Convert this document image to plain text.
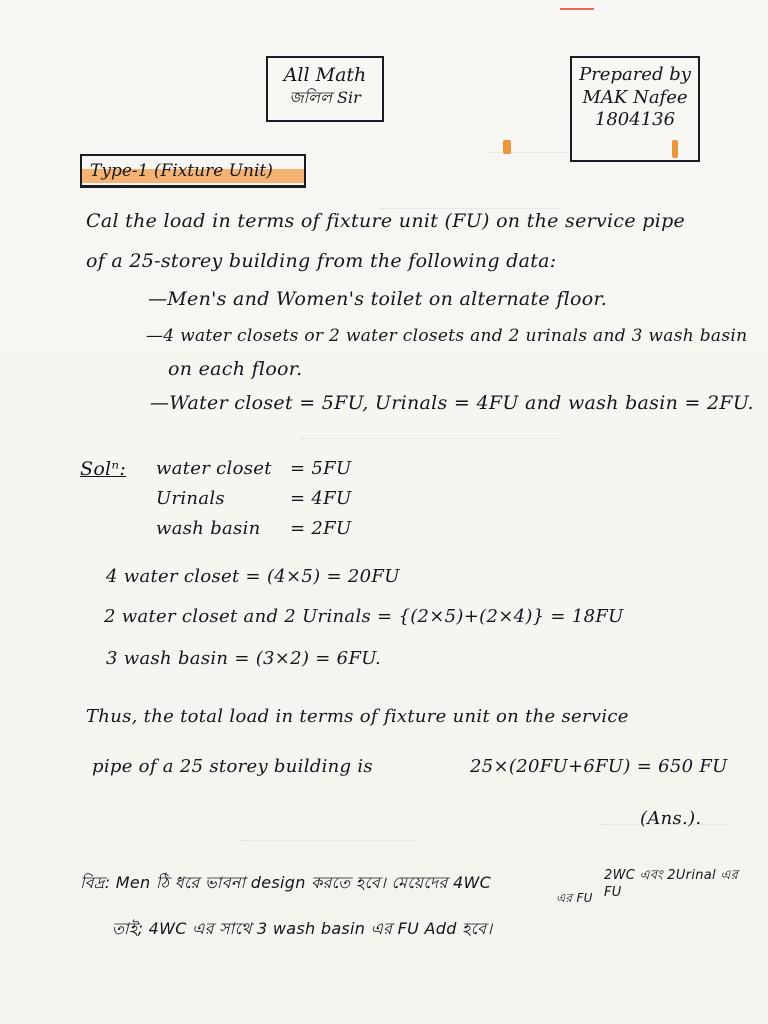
All Math
জলিল Sir
Prepared by
MAK Nafee
1804136
Type-1 (Fixture Unit)
Cal the load in terms of fixture unit (FU) on the service pipe
of a 25-storey building from the following data:
—Men's and Women's toilet on alternate floor.
—4 water closets or 2 water closets and 2 urinals and 3 wash basin
on each floor.
—Water closet = 5FU, Urinals = 4FU and wash basin = 2FU.
Solⁿ: water closet = 5FU
Urinals	= 4FU
wash basin = 2FU
4 water closet = (4×5) = 20FU
2 water closet and 2 Urinals = {(2×5)+(2×4)} = 18FU
3 wash basin = (3×2) = 6FU.
Thus, the total load in terms of fixture unit on the service
pipe of a 25 storey building is	25×(20FU+6FU) = 650 FU
(Ans.).
বিদ্র: Men ঠি ধরে ভাবনা design করতে হবে। মেয়েদের 4WC
এর FU
2WC এবং 2Urinal এর FU
তাই; 4WC এর সাথে 3 wash basin এর FU Add হবে।
